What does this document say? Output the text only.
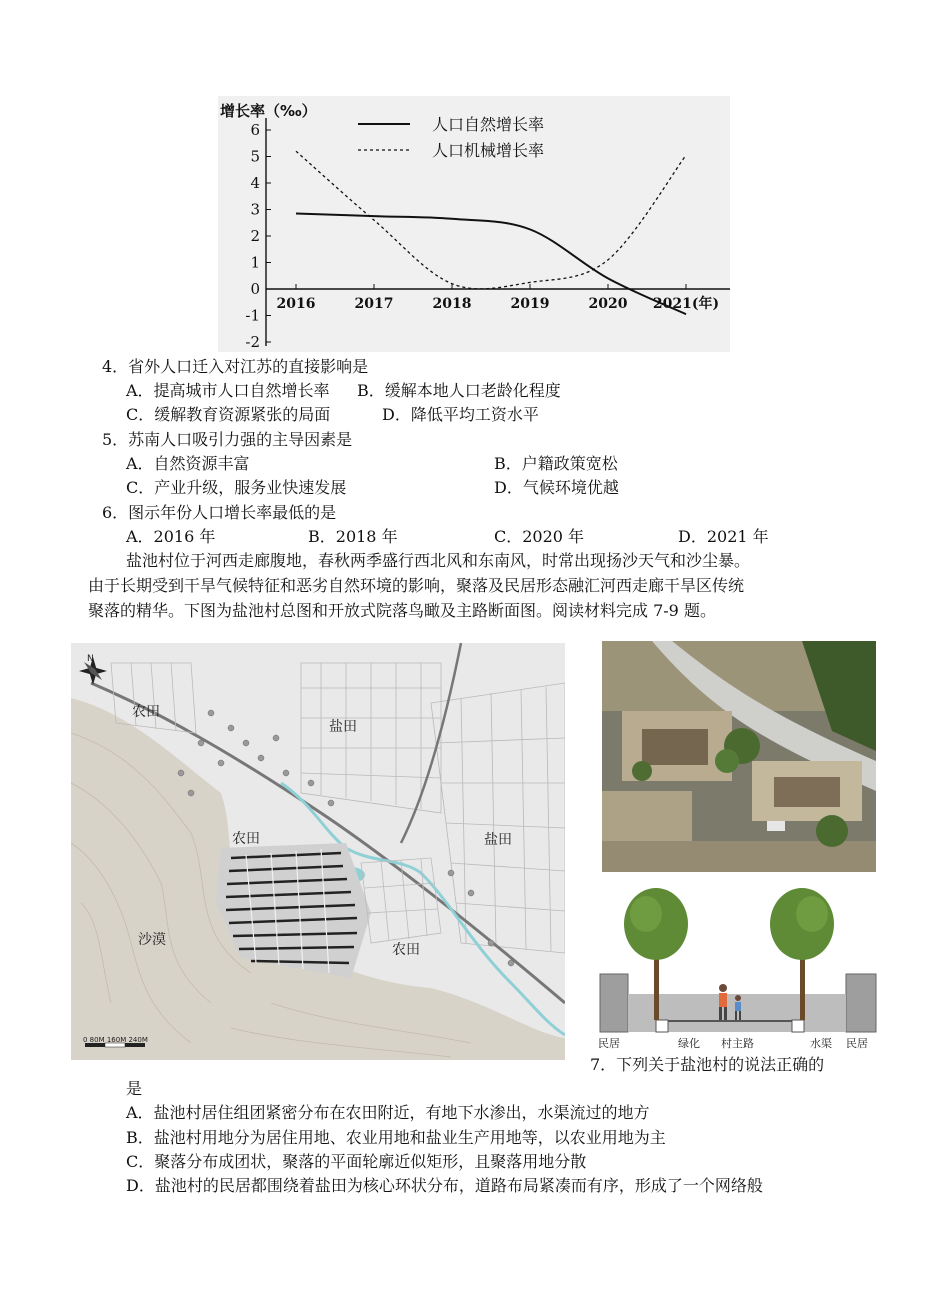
6
5
4
3
2
1
0
-1
-2
2016	2017	2018	2019	2020 2021(年)
增长率（‰）
人口自然增长率
人口机械增长率
4．省外人口迁入对江苏的直接影响是
A．提高城市人口自然增长率 B．缓解本地人口老龄化程度
C．缓解教育资源紧张的局面	D．降低平均工资水平
5．苏南人口吸引力强的主导因素是
A．自然资源丰富	B．户籍政策宽松
C．产业升级，服务业快速发展	D．气候环境优越
6．图示年份人口增长率最低的是
A．2016 年	B．2018 年	C．2020 年	D．2021 年
盐池村位于河西走廊腹地，春秋两季盛行西北风和东南风，时常出现扬沙天气和沙尘暴。
由于长期受到干旱气候特征和恶劣自然环境的影响，聚落及民居形态融汇河西走廊干旱区传统
聚落的精华。下图为盐池村总图和开放式院落鸟瞰及主路断面图。阅读材料完成 7-9 题。
N
农田
盐田
盐田
农田
沙漠
农田
0 80M 160M 240M	民居	绿化 村主路	水渠 民居
7．下列关于盐池村的说法正确的
是
A．盐池村居住组团紧密分布在农田附近，有地下水渗出，水渠流过的地方
B．盐池村用地分为居住用地、农业用地和盐业生产用地等，以农业用地为主
C．聚落分布成团状，聚落的平面轮廓近似矩形，且聚落用地分散
D．盐池村的民居都围绕着盐田为核心环状分布，道路布局紧凑而有序，形成了一个网络般
